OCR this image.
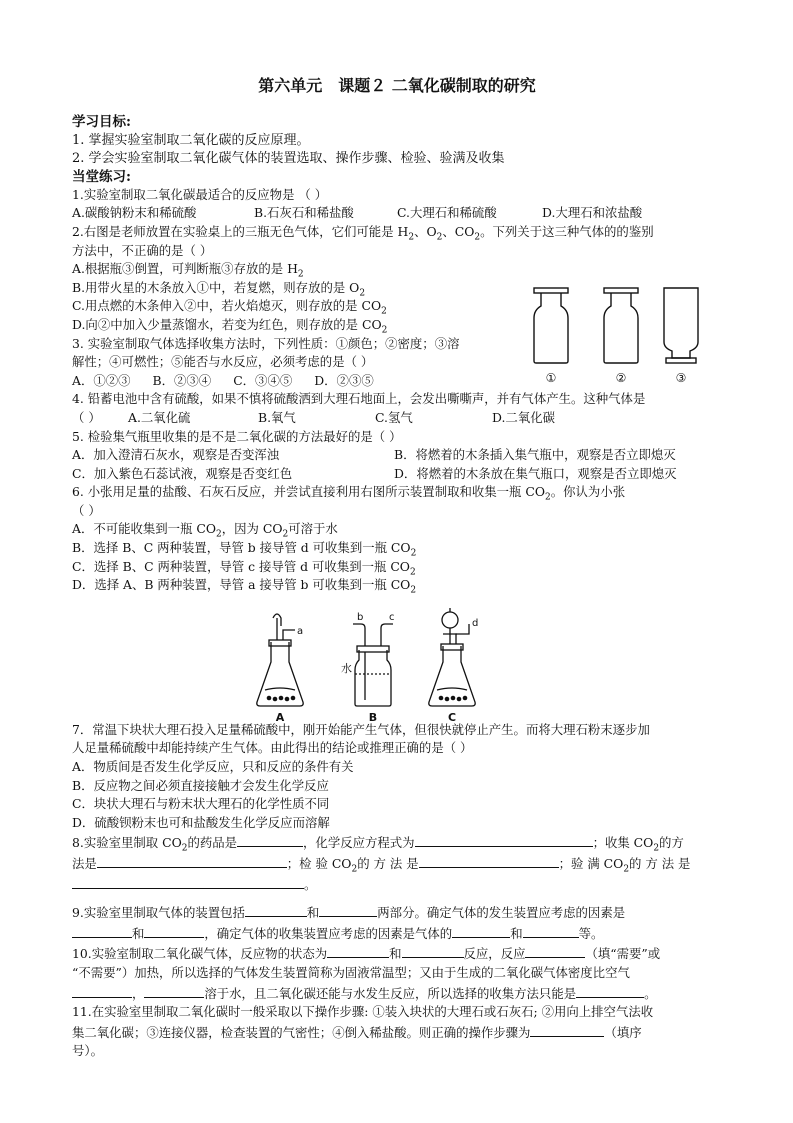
第六单元 课题２ 二氧化碳制取的研究
学习目标:
1. 掌握实验室制取二氧化碳的反应原理。
2. 学会实验室制取二氧化碳气体的装置选取、操作步骤、检验、验满及收集
当堂练习:
1.实验室制取二氧化碳最适合的反应物是 （ ）
A.碳酸钠粉末和稀硫酸	B.石灰石和稀盐酸	C.大理石和稀硫酸	D.大理石和浓盐酸
2.右图是老师放置在实验桌上的三瓶无色气体，它们可能是 $H_2$、$O_2$、$CO_2$。下列关于这三种气体的的鉴别
方法中，不正确的是（ ）
A.根据瓶③倒置，可判断瓶③存放的是 $H_2$
B.用带火星的木条放入①中，若复燃，则存放的是 $O_2$
C.用点燃的木条伸入②中，若火焰熄灭，则存放的是 $CO_2$
D.向②中加入少量蒸馏水，若变为红色，则存放的是 $CO_2$
3. 实验室制取气体选择收集方法时，下列性质：①颜色；②密度；③溶
解性；④可燃性；⑤能否与水反应，必须考虑的是（ ）
A．①②③ B．②③④ C．③④⑤ D．②③⑤
4. 铅蓄电池中含有硫酸，如果不慎将硫酸洒到大理石地面上，会发出嘶嘶声，并有气体产生。这种气体是
（ ）	A.二氧化硫	B.氧气	C.氢气	D.二氧化碳
5. 检验集气瓶里收集的是不是二氧化碳的方法最好的是（ ）
A．加入澄清石灰水，观察是否变浑浊	B．将燃着的木条插入集气瓶中，观察是否立即熄灭
C．加入紫色石蕊试液，观察是否变红色	D．将燃着的木条放在集气瓶口，观察是否立即熄灭
6. 小张用足量的盐酸、石灰石反应，并尝试直接利用右图所示装置制取和收集一瓶 $CO_2$。你认为小张
（ ）
A．不可能收集到一瓶 $CO_2$，因为 $CO_2$可溶于水
B．选择 B、C 两种装置，导管 b 接导管 d 可收集到一瓶 $CO_2$
C．选择 B、C 两种装置，导管 c 接导管 d 可收集到一瓶 $CO_2$
D．选择 A、B 两种装置，导管 a 接导管 b 可收集到一瓶 $CO_2$
7．常温下块状大理石投入足量稀硫酸中，刚开始能产生气体，但很快就停止产生。而将大理石粉末逐步加
人足量稀硫酸中却能持续产生气体。由此得出的结论或推理正确的是（ ）
A．物质间是否发生化学反应，只和反应的条件有关
B．反应物之间必须直接接触才会发生化学反应
C．块状大理石与粉末状大理石的化学性质不同
D．硫酸钡粉末也可和盐酸发生化学反应而溶解
8.实验室里制取 $CO_2$的药品是	，化学反应方程式为	；收集 $CO_2$的方
法是	；检 验 $CO_2$的 方 法 是	；验 满 $CO_2$的 方 法 是
。
9.实验室里制取气体的装置包括	和	两部分。确定气体的发生装置应考虑的因素是
和	，确定气体的收集装置应考虑的因素是气体的	和	等。
10.实验室制取二氧化碳气体，反应物的状态为	和	反应，反应	（填“需要”或
“不需要”）加热，所以选择的气体发生装置简称为固液常温型；又由于生成的二氧化碳气体密度比空气
，	溶于水，且二氧化碳还能与水发生反应，所以选择的收集方法只能是	。
11.在实验室里制取二氧化碳时一般采取以下操作步骤: ①装入块状的大理石或石灰石; ②用向上排空气法收
集二氧化碳；③连接仪器，检查装置的气密性；④倒入稀盐酸。则正确的操作步骤为	（填序
号）。
①	②	③
a
b	c
d
水
A	B	C
